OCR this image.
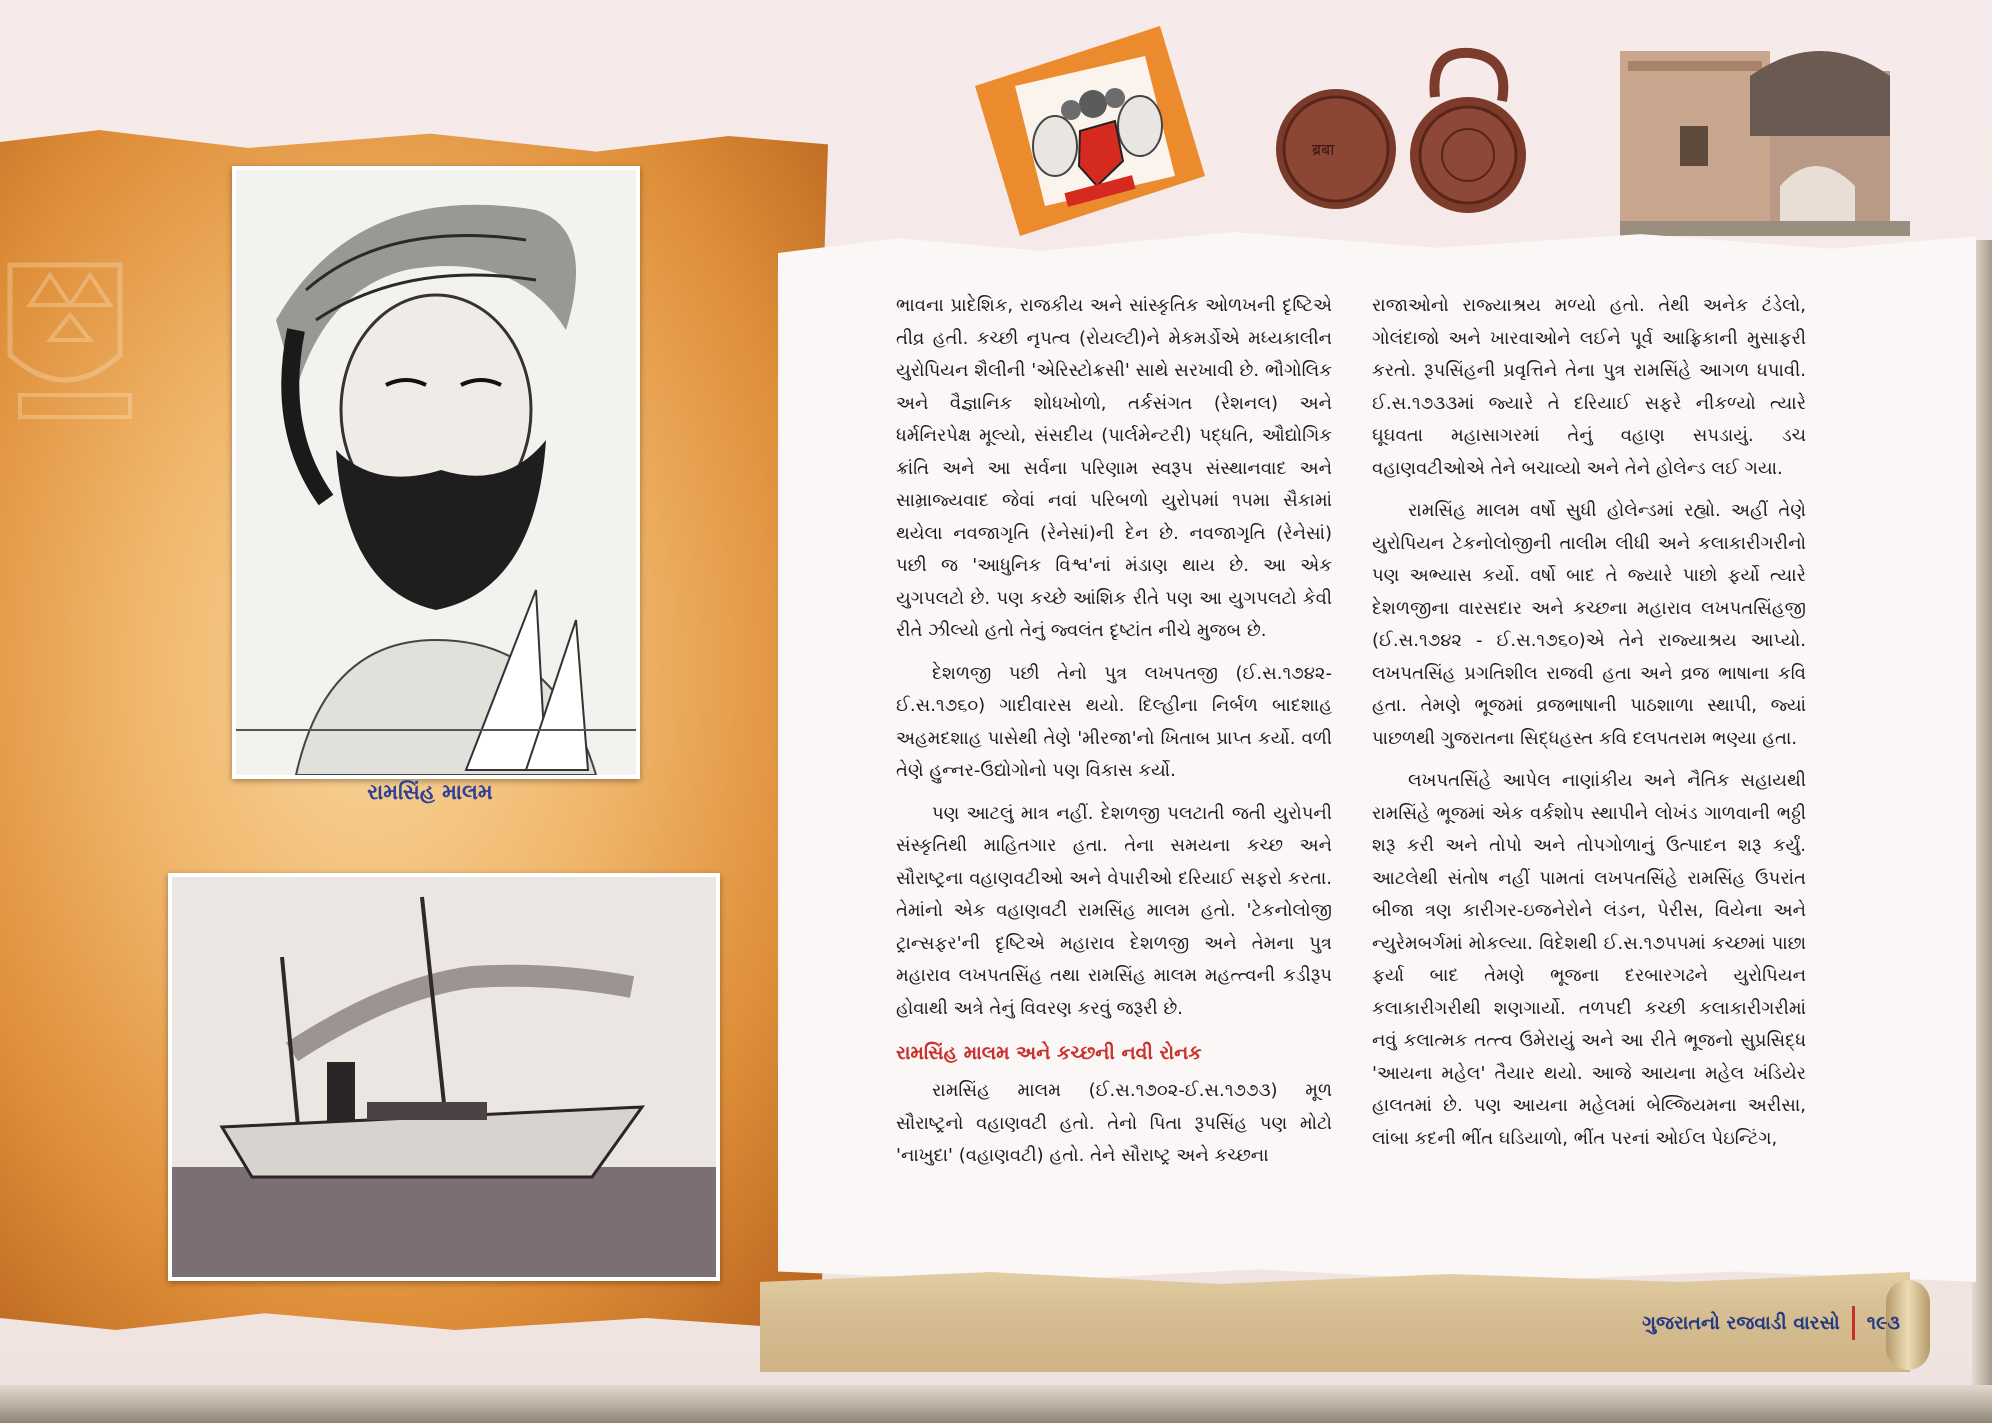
ब्रबा
રામસિંહ માલમ

ભાવના પ્રાદેશિક, રાજકીય અને સાંસ્કૃતિક ઓળખની દૃષ્ટિએ તીવ્ર હતી. કચ્છી નૃપત્વ (રોયલ્ટી)ને મેકમર્ડોએ મધ્યકાલીન યુરોપિયન શૈલીની 'એરિસ્ટોક્રસી' સાથે સરખાવી છે. ભૌગોલિક અને વૈજ્ઞાનિક શોધખોળો, તર્કસંગત (રેશનલ) અને ધર્મનિરપેક્ષ મૂલ્યો, સંસદીય (પાર્લમેન્ટરી) પદ્ધતિ, ઔદ્યોગિક ક્રાંતિ અને આ સર્વના પરિણામ સ્વરૂપ સંસ્થાનવાદ અને સામ્રાજ્યવાદ જેવાં નવાં પરિબળો યુરોપમાં ૧૫મા સૈકામાં થયેલા નવજાગૃતિ (રેનેસાં)ની દેન છે. નવજાગૃતિ (રેનેસાં) પછી જ 'આધુનિક વિશ્વ'નાં મંડાણ થાય છે. આ એક યુગપલટો છે. પણ કચ્છે આંશિક રીતે પણ આ યુગપલટો કેવી રીતે ઝીલ્યો હતો તેનું જ્વલંત દૃષ્ટાંત નીચે મુજબ છે.

દેશળજી પછી તેનો પુત્ર લખપતજી (ઈ.સ.૧૭૪૨-ઈ.સ.૧૭૬૦) ગાદીવારસ થયો. દિલ્હીના નિર્બળ બાદશાહ અહમદશાહ પાસેથી તેણે 'મીરજા'નો ખિતાબ પ્રાપ્ત કર્યો. વળી તેણે હુન્નર-ઉદ્યોગોનો પણ વિકાસ કર્યો.

પણ આટલું માત્ર નહીં. દેશળજી પલટાતી જતી યુરોપની સંસ્કૃતિથી માહિતગાર હતા. તેના સમયના કચ્છ અને સૌરાષ્ટ્રના વહાણવટીઓ અને વેપારીઓ દરિયાઈ સફરો કરતા. તેમાંનો એક વહાણવટી રામસિંહ માલમ હતો. 'ટેકનોલોજી ટ્રાન્સફર'ની દૃષ્ટિએ મહારાવ દેશળજી અને તેમના પુત્ર મહારાવ લખપતસિંહ તથા રામસિંહ માલમ મહત્ત્વની કડીરૂપ હોવાથી અત્રે તેનું વિવરણ કરવું જરૂરી છે.

રામસિંહ માલમ અને કચ્છની નવી રોનક

રામસિંહ માલમ (ઈ.સ.૧૭૦૨-ઈ.સ.૧૭૭૩) મૂળ સૌરાષ્ટ્રનો વહાણવટી હતો. તેનો પિતા રૂપસિંહ પણ મોટો 'નાખુદા' (વહાણવટી) હતો. તેને સૌરાષ્ટ્ર અને કચ્છના

રાજાઓનો રાજ્યાશ્રય મળ્યો હતો. તેથી અનેક ટંડેલો, ગોલંદાજો અને ખારવાઓને લઈને પૂર્વ આફ્રિકાની મુસાફરી કરતો. રૂપસિંહની પ્રવૃત્તિને તેના પુત્ર રામસિંહે આગળ ધપાવી. ઈ.સ.૧૭૩૩માં જ્યારે તે દરિયાઈ સફરે નીકળ્યો ત્યારે ઘૂઘવતા મહાસાગરમાં તેનું વહાણ સપડાયું. ડચ વહાણવટીઓએ તેને બચાવ્યો અને તેને હોલેન્ડ લઈ ગયા.

રામસિંહ માલમ વર્ષો સુધી હોલેન્ડમાં રહ્યો. અહીં તેણે યુરોપિયન ટેકનોલોજીની તાલીમ લીધી અને કલાકારીગરીનો પણ અભ્યાસ કર્યો. વર્ષો બાદ તે જ્યારે પાછો ફર્યો ત્યારે દેશળજીના વારસદાર અને કચ્છના મહારાવ લખપતસિંહજી (ઈ.સ.૧૭૪૨ - ઈ.સ.૧૭૬૦)એ તેને રાજ્યાશ્રય આપ્યો. લખપતસિંહ પ્રગતિશીલ રાજવી હતા અને વ્રજ ભાષાના કવિ હતા. તેમણે ભૂજમાં વ્રજભાષાની પાઠશાળા સ્થાપી, જ્યાં પાછળથી ગુજરાતના સિદ્ધહસ્ત કવિ દલપતરામ ભણ્યા હતા.

લખપતસિંહે આપેલ નાણાંકીય અને નૈતિક સહાયથી રામસિંહે ભૂજમાં એક વર્કશોપ સ્થાપીને લોખંડ ગાળવાની ભઠ્ઠી શરૂ કરી અને તોપો અને તોપગોળાનું ઉત્પાદન શરૂ કર્યું. આટલેથી સંતોષ નહીં પામતાં લખપતસિંહે રામસિંહ ઉપરાંત બીજા ત્રણ કારીગર-ઇજનેરોને લંડન, પેરીસ, વિયેના અને ન્યુરેમબર્ગમાં મોકલ્યા. વિદેશથી ઈ.સ.૧૭૫૫માં કચ્છમાં પાછા ફર્યા બાદ તેમણે ભૂજના દરબારગઢને યુરોપિયન કલાકારીગરીથી શણગાર્યો. તળપદી કચ્છી કલાકારીગરીમાં નવું કલાત્મક તત્ત્વ ઉમેરાયું અને આ રીતે ભૂજનો સુપ્રસિદ્ધ 'આયના મહેલ' તૈયાર થયો. આજે આયના મહેલ ખંડિયેર હાલતમાં છે. પણ આયના મહેલમાં બેલ્જિયમના અરીસા, લાંબા કદની ભીંત ઘડિયાળો, ભીંત પરનાં ઓઈલ પેઇન્ટિંગ,

ગુજરાતનો રજવાડી વારસો ૧૯૩
